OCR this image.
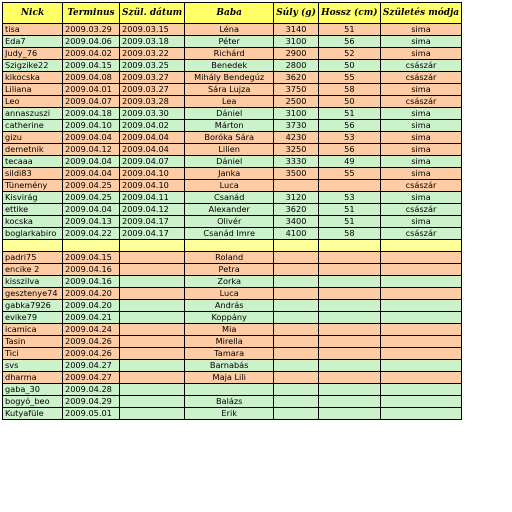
Nick	Terminus	Szül. dátum	Baba	Súly (g)	Hossz (cm)	Születés módja
tisa	2009.03.29	2009.03.15	Léna	3140	51	sima
Eda7	2009.04.06	2009.03.18	Péter	3100	56	sima
Judy_76	2009.04.02	2009.03.22	Richárd	2900	52	sima
Szigzike22	2009.04.15	2009.03.25	Benedek	2800	50	császár
kikocska	2009.04.08	2009.03.27	Mihály Bendegúz	3620	55	császár
Liliana	2009.04.01	2009.03.27	Sára Lujza	3750	58	sima
Leo	2009.04.07	2009.03.28	Lea	2500	50	császár
annaszuszi	2009.04.18	2009.03.30	Dániel	3100	51	sima
catherine	2009.04.10	2009.04.02	Márton	3730	56	sima
gizu	2009.04.04	2009.04.04	Boróka Sára	4230	53	sima
demetnik	2009.04.12	2009.04.04	Lilien	3250	56	sima
tecaaa	2009.04.04	2009.04.07	Dániel	3330	49	sima
sildi83	2009.04.04	2009.04.10	Janka	3500	55	sima
Tünemény	2009.04.25	2009.04.10	Luca			császár
Kisvirág	2009.04.25	2009.04.11	Csanád	3120	53	sima
ettike	2009.04.04	2009.04.12	Alexander	3620	51	császár
kocska	2009.04.13	2009.04.17	Olivér	3400	51	sima
boglarkabiro	2009.04.22	2009.04.17	Csanád Imre	4100	58	császár

padri75	2009.04.15		Roland			
encike 2	2009.04.16		Petra			
kisszilva	2009.04.16		Zorka			
gesztenye74	2009.04.20		Luca			
gabka7926	2009.04.20		András			
evike79	2009.04.21		Koppány			
icamica	2009.04.24		Mia			
Tasin	2009.04.26		Mirella			
Tici	2009.04.26		Tamara			
svs	2009.04.27		Barnabás			
dharma	2009.04.27		Maja Lili			
gaba_30	2009.04.28					
bogyó_beo	2009.04.29		Balázs			
Kutyafüle	2009.05.01		Erik			
